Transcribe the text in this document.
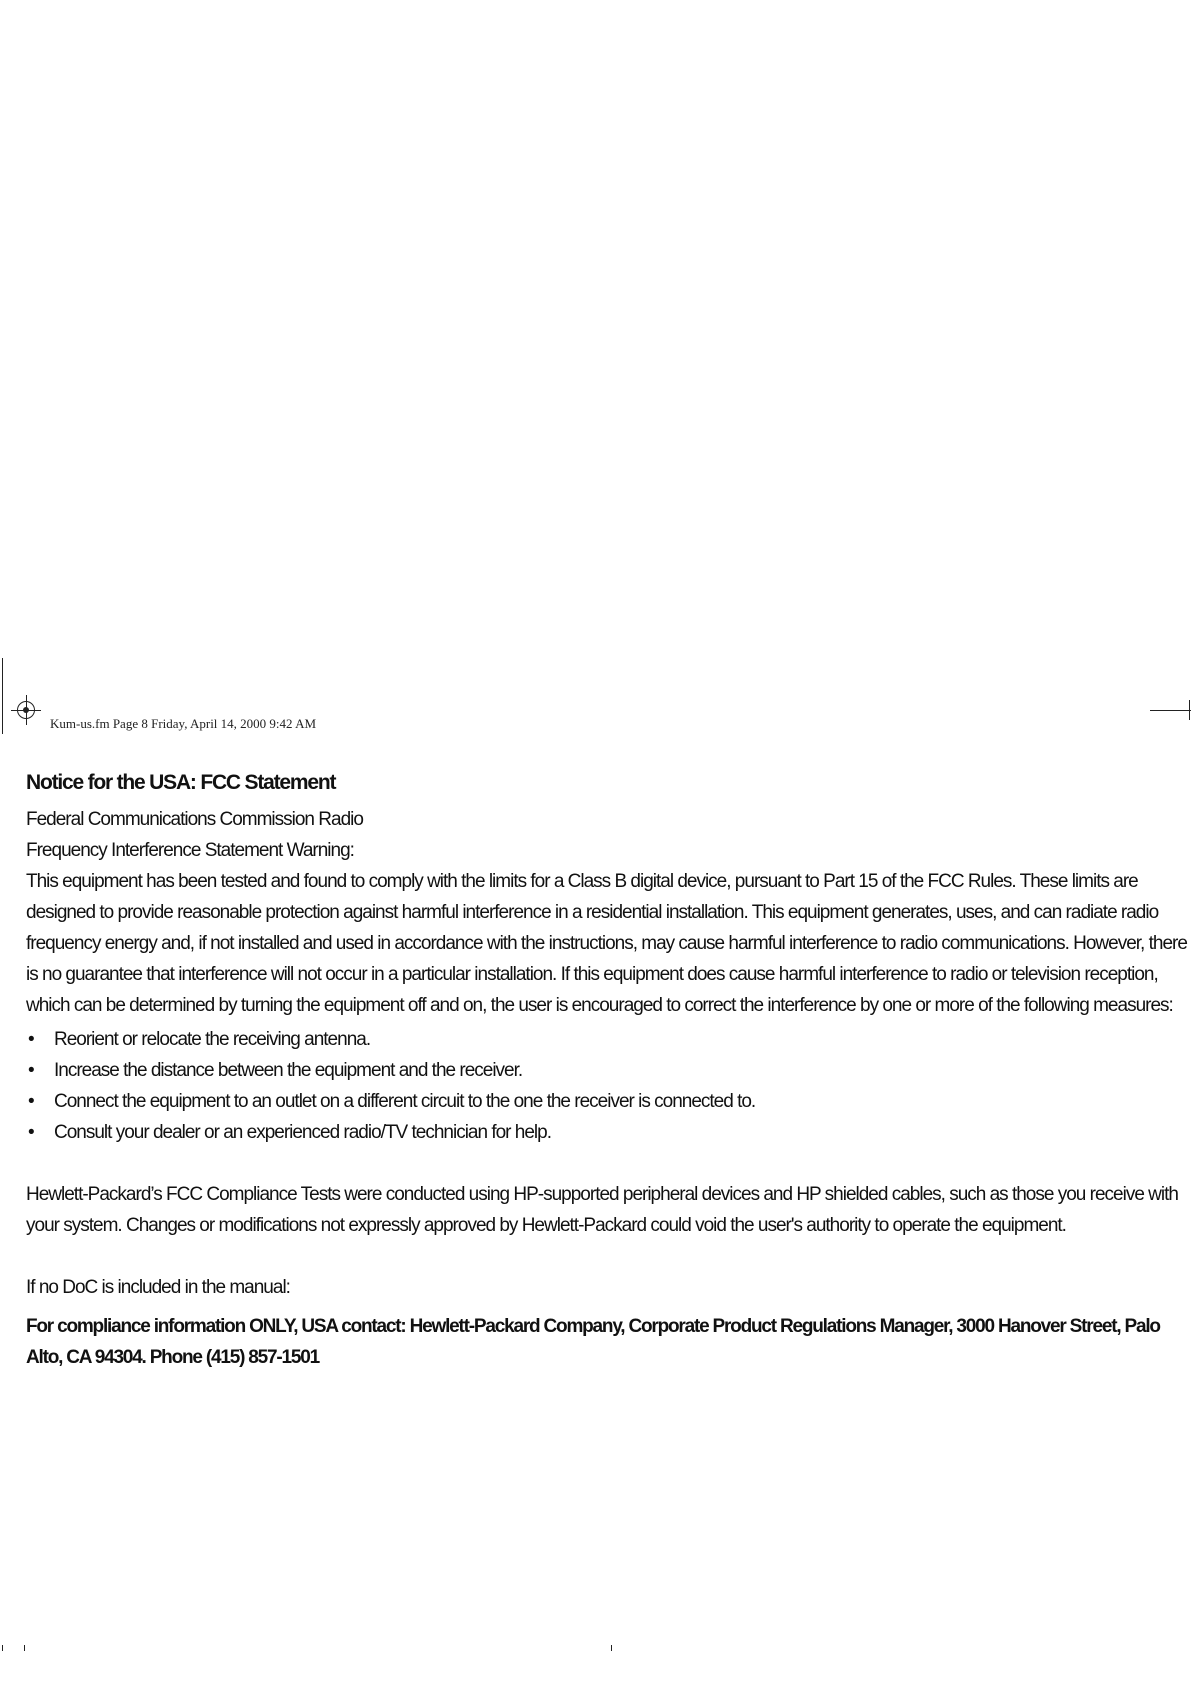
Kum-us.fm Page 8 Friday, April 14, 2000 9:42 AM
Notice for the USA: FCC Statement

Federal Communications Commission Radio

Frequency Interference Statement Warning:

This equipment has been tested and found to comply with the limits for a Class B digital device, pursuant to Part 15 of the FCC Rules. These limits are designed to provide reasonable protection against harmful interference in a residential installation. This equipment generates, uses, and can radiate radio frequency energy and, if not installed and used in accordance with the instructions, may cause harmful interference to radio communications. However, there is no guarantee that interference will not occur in a particular installation. If this equipment does cause harmful interference to radio or television reception, which can be determined by turning the equipment off and on, the user is encouraged to correct the interference by one or more of the following measures:

• Reorient or relocate the receiving antenna.
• Increase the distance between the equipment and the receiver.
• Connect the equipment to an outlet on a different circuit to the one the receiver is connected to.
• Consult your dealer or an experienced radio/TV technician for help.

Hewlett-Packard’s FCC Compliance Tests were conducted using HP-supported peripheral devices and HP shielded cables, such as those you receive with your system. Changes or modifications not expressly approved by Hewlett-Packard could void the user's authority to operate the equipment.

If no DoC is included in the manual:

For compliance information ONLY, USA contact: Hewlett-Packard Company, Corporate Product Regulations Manager, 3000 Hanover Street, Palo Alto, CA 94304. Phone (415) 857-1501
